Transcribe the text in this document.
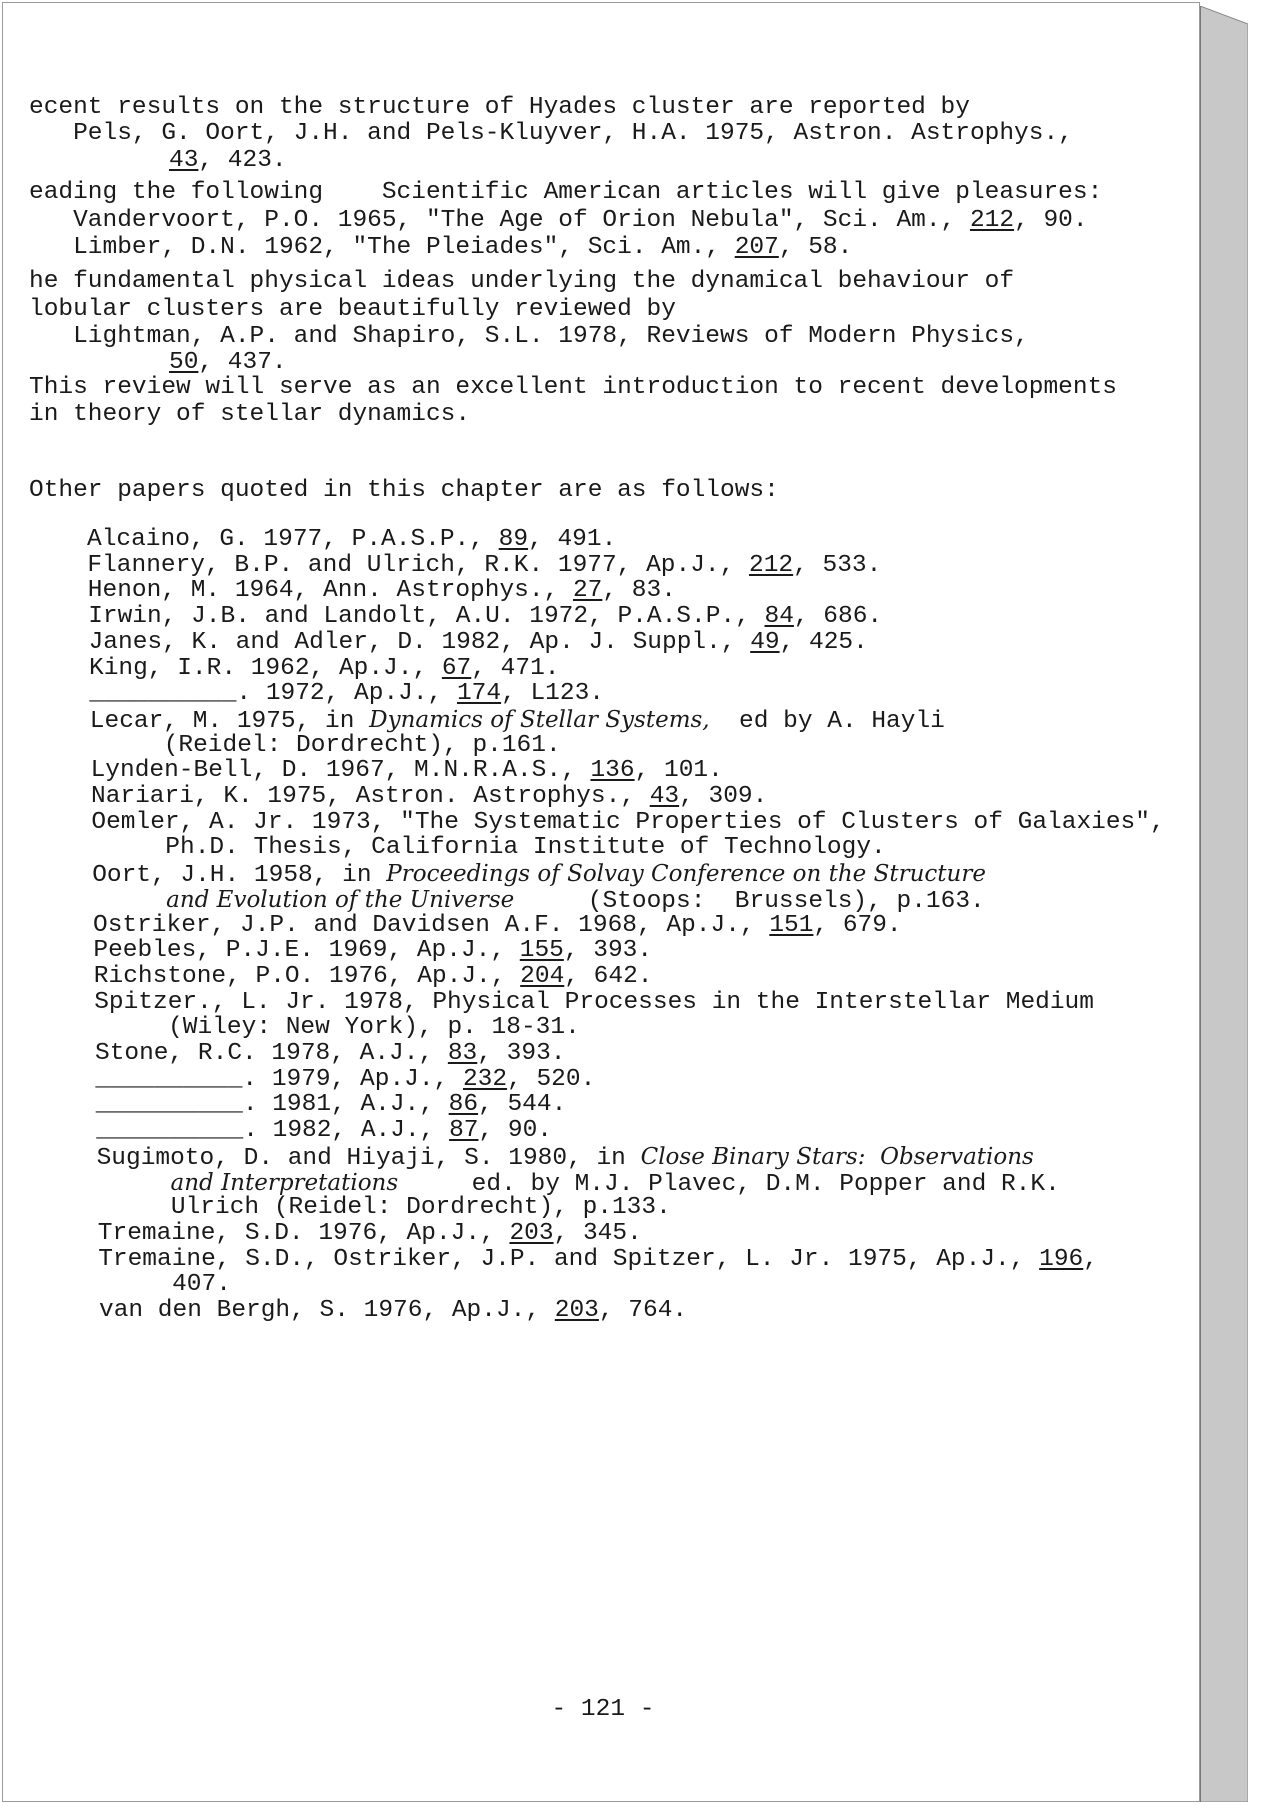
ecent results on the structure of Hyades cluster are reported by
Pels, G. Oort, J.H. and Pels-Kluyver, H.A. 1975, Astron. Astrophys.,
43, 423.
eading the following    Scientific American articles will give pleasures:
Vandervoort, P.O. 1965, "The Age of Orion Nebula", Sci. Am., 212, 90.
Limber, D.N. 1962, "The Pleiades", Sci. Am., 207, 58.
he fundamental physical ideas underlying the dynamical behaviour of
lobular clusters are beautifully reviewed by
Lightman, A.P. and Shapiro, S.L. 1978, Reviews of Modern Physics,
50, 437.
This review will serve as an excellent introduction to recent developments
in theory of stellar dynamics.
Other papers quoted in this chapter are as follows:
Alcaino, G. 1977, P.A.S.P., 89, 491.
Flannery, B.P. and Ulrich, R.K. 1977, Ap.J., 212, 533.
Henon, M. 1964, Ann. Astrophys., 27, 83.
Irwin, J.B. and Landolt, A.U. 1972, P.A.S.P., 84, 686.
Janes, K. and Adler, D. 1982, Ap. J. Suppl., 49, 425.
King, I.R. 1962, Ap.J., 67, 471.
__________. 1972, Ap.J., 174, L123.
Lecar, M. 1975, in Dynamics of Stellar Systems,  ed by A. Hayli
(Reidel: Dordrecht), p.161.
Lynden-Bell, D. 1967, M.N.R.A.S., 136, 101.
Nariari, K. 1975, Astron. Astrophys., 43, 309.
Oemler, A. Jr. 1973, "The Systematic Properties of Clusters of Galaxies",
Ph.D. Thesis, California Institute of Technology.
Oort, J.H. 1958, in Proceedings of Solvay Conference on the Structure
and Evolution of the Universe     (Stoops:  Brussels), p.163.
Ostriker, J.P. and Davidsen A.F. 1968, Ap.J., 151, 679.
Peebles, P.J.E. 1969, Ap.J., 155, 393.
Richstone, P.O. 1976, Ap.J., 204, 642.
Spitzer., L. Jr. 1978, Physical Processes in the Interstellar Medium
(Wiley: New York), p. 18-31.
Stone, R.C. 1978, A.J., 83, 393.
__________. 1979, Ap.J., 232, 520.
__________. 1981, A.J., 86, 544.
__________. 1982, A.J., 87, 90.
Sugimoto, D. and Hiyaji, S. 1980, in Close Binary Stars:  Observations
and Interpretations     ed. by M.J. Plavec, D.M. Popper and R.K.
Ulrich (Reidel: Dordrecht), p.133.
Tremaine, S.D. 1976, Ap.J., 203, 345.
Tremaine, S.D., Ostriker, J.P. and Spitzer, L. Jr. 1975, Ap.J., 196,
407.
van den Bergh, S. 1976, Ap.J., 203, 764.
- 121 -
